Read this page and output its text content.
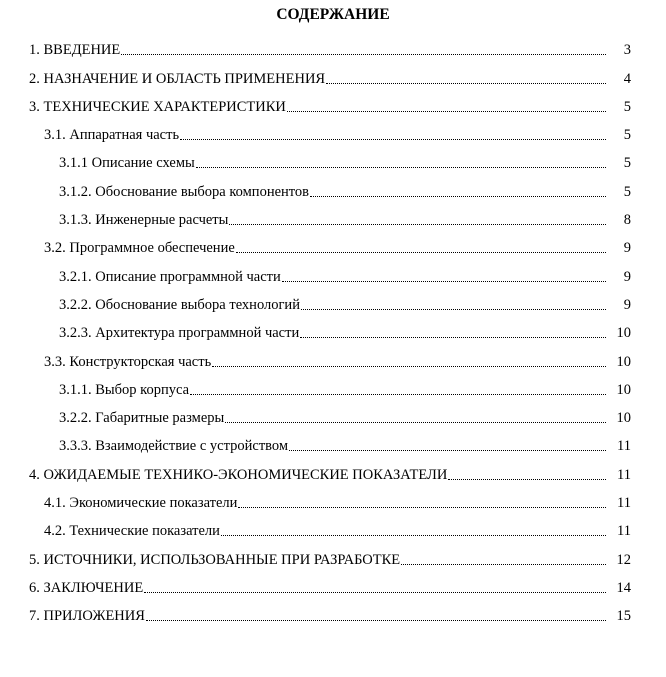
СОДЕРЖАНИЕ
1. ВВЕДЕНИЕ	3
2. НАЗНАЧЕНИЕ И ОБЛАСТЬ ПРИМЕНЕНИЯ	4
3. ТЕХНИЧЕСКИЕ ХАРАКТЕРИСТИКИ	5
3.1. Аппаратная часть	5
3.1.1 Описание схемы	5
3.1.2. Обоснование выбора компонентов	5
3.1.3. Инженерные расчеты	8
3.2. Программное обеспечение	9
3.2.1. Описание программной части	9
3.2.2. Обоснование выбора технологий	9
3.2.3. Архитектура программной части	10
3.3. Конструкторская часть	10
3.1.1. Выбор корпуса	10
3.2.2. Габаритные размеры	10
3.3.3. Взаимодействие с устройством	11
4. ОЖИДАЕМЫЕ ТЕХНИКО-ЭКОНОМИЧЕСКИЕ ПОКАЗАТЕЛИ	11
4.1. Экономические показатели	11
4.2. Технические показатели	11
5. ИСТОЧНИКИ, ИСПОЛЬЗОВАННЫЕ ПРИ РАЗРАБОТКЕ	12
6. ЗАКЛЮЧЕНИЕ	14
7. ПРИЛОЖЕНИЯ	15
